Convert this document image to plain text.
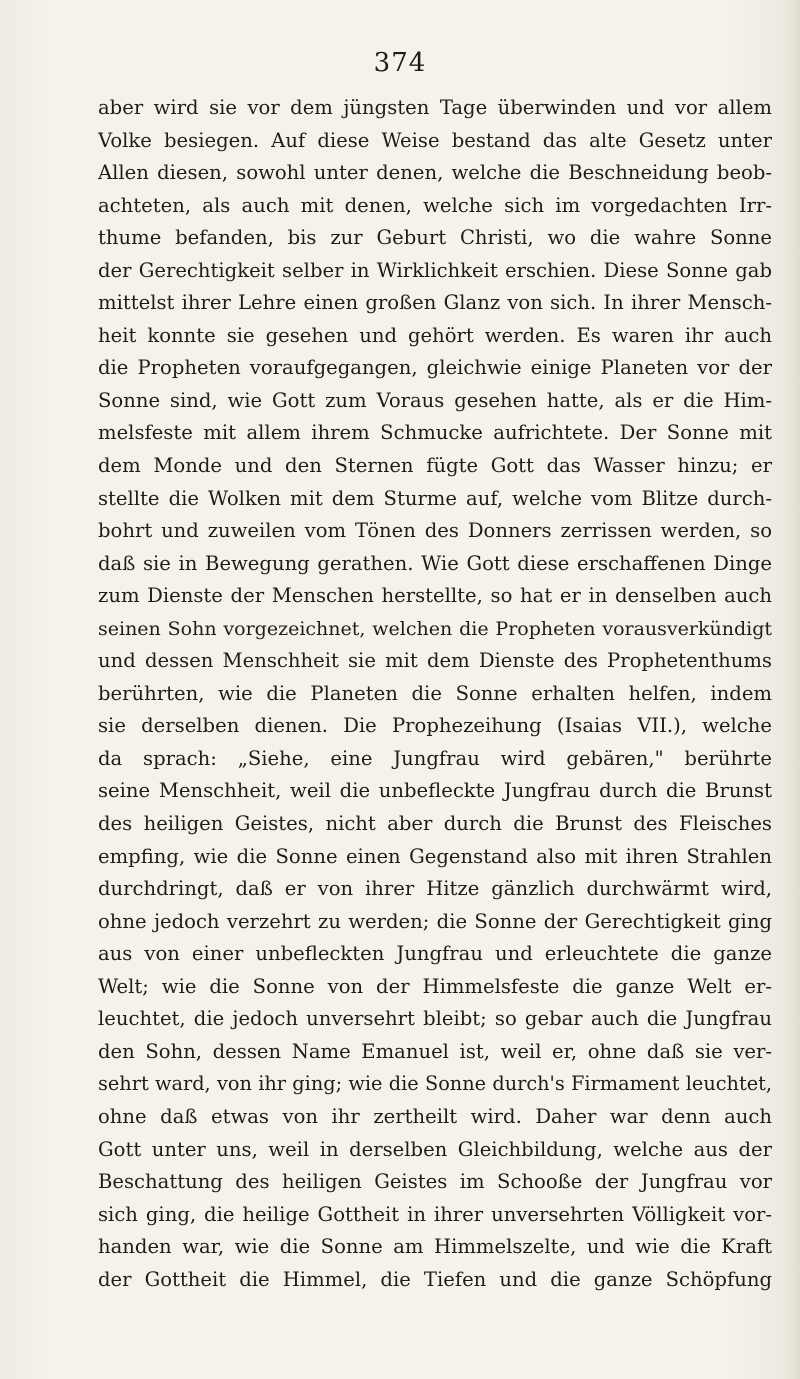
374
aber wird sie vor dem jüngsten Tage überwinden und vor allem
Volke besiegen. Auf diese Weise bestand das alte Gesetz unter
Allen diesen, sowohl unter denen, welche die Beschneidung beob-
achteten, als auch mit denen, welche sich im vorgedachten Irr-
thume befanden, bis zur Geburt Christi, wo die wahre Sonne
der Gerechtigkeit selber in Wirklichkeit erschien. Diese Sonne gab
mittelst ihrer Lehre einen großen Glanz von sich. In ihrer Mensch-
heit konnte sie gesehen und gehört werden. Es waren ihr auch
die Propheten voraufgegangen, gleichwie einige Planeten vor der
Sonne sind, wie Gott zum Voraus gesehen hatte, als er die Him-
melsfeste mit allem ihrem Schmucke aufrichtete. Der Sonne mit
dem Monde und den Sternen fügte Gott das Wasser hinzu; er
stellte die Wolken mit dem Sturme auf, welche vom Blitze durch-
bohrt und zuweilen vom Tönen des Donners zerrissen werden, so
daß sie in Bewegung gerathen. Wie Gott diese erschaffenen Dinge
zum Dienste der Menschen herstellte, so hat er in denselben auch
seinen Sohn vorgezeichnet, welchen die Propheten vorausverkündigt
und dessen Menschheit sie mit dem Dienste des Prophetenthums
berührten, wie die Planeten die Sonne erhalten helfen, indem
sie derselben dienen. Die Prophezeihung (Isaias VII.), welche
da sprach: „Siehe, eine Jungfrau wird gebären," berührte
seine Menschheit, weil die unbefleckte Jungfrau durch die Brunst
des heiligen Geistes, nicht aber durch die Brunst des Fleisches
empfing, wie die Sonne einen Gegenstand also mit ihren Strahlen
durchdringt, daß er von ihrer Hitze gänzlich durchwärmt wird,
ohne jedoch verzehrt zu werden; die Sonne der Gerechtigkeit ging
aus von einer unbefleckten Jungfrau und erleuchtete die ganze
Welt; wie die Sonne von der Himmelsfeste die ganze Welt er-
leuchtet, die jedoch unversehrt bleibt; so gebar auch die Jungfrau
den Sohn, dessen Name Emanuel ist, weil er, ohne daß sie ver-
sehrt ward, von ihr ging; wie die Sonne durch's Firmament leuchtet,
ohne daß etwas von ihr zertheilt wird. Daher war denn auch
Gott unter uns, weil in derselben Gleichbildung, welche aus der
Beschattung des heiligen Geistes im Schooße der Jungfrau vor
sich ging, die heilige Gottheit in ihrer unversehrten Völligkeit vor-
handen war, wie die Sonne am Himmelszelte, und wie die Kraft
der Gottheit die Himmel, die Tiefen und die ganze Schöpfung
